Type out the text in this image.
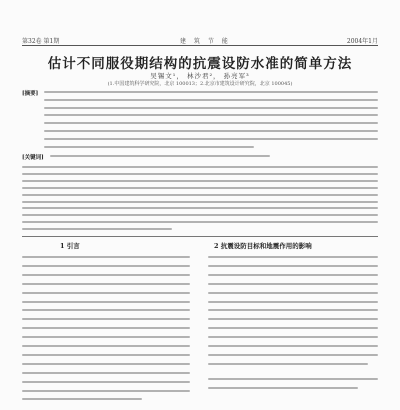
第32卷 第1期	建 筑 节 能	2004年1月
估计不同服役期结构的抗震设防水准的简单方法
吴锡文¹， 林沙君²， 孙亮军³
(1.中国建筑科学研究院，北京 100013；2.北京市建筑设计研究院，北京 100045)
[摘要]
[关键词]
1 引言	2 抗震设防目标和地震作用的影响
